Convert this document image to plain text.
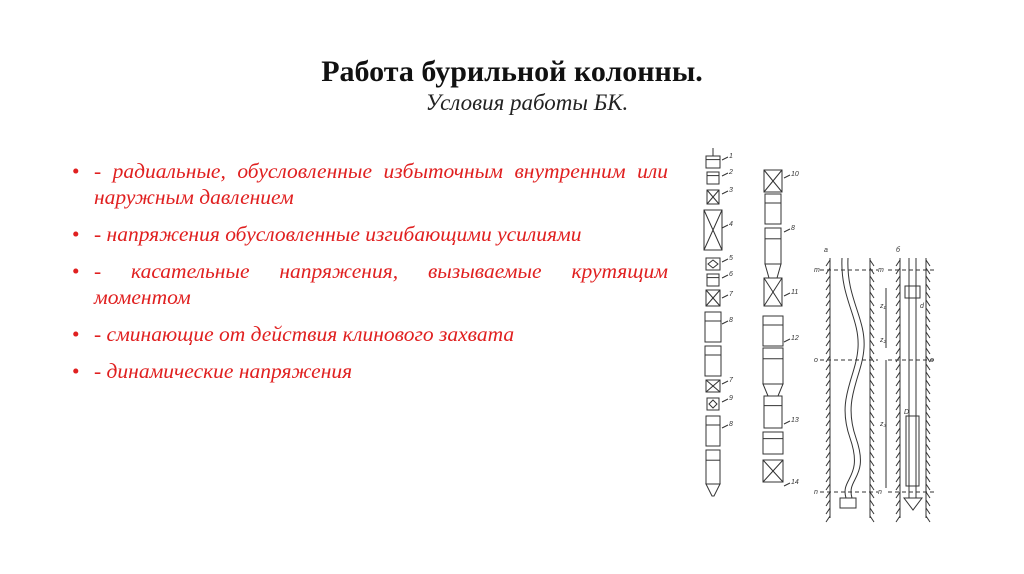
Работа бурильной колонны.
Условия работы БК.
• - радиальные, обусловленные избыточным внутренним или наружным давлением
• - напряжения обусловленные изгибающими усилиями
• - касательные напряжения, вызываемые крутящим моментом
• - сминающие от действия клинового захвата
• - динамические напряжения
1
2
3
4
5
6
7
8
7
9
8
10
8
11
12
13
14
а	б
m	m
o	o
n	n
z₁
z₂
z₃
d
D
